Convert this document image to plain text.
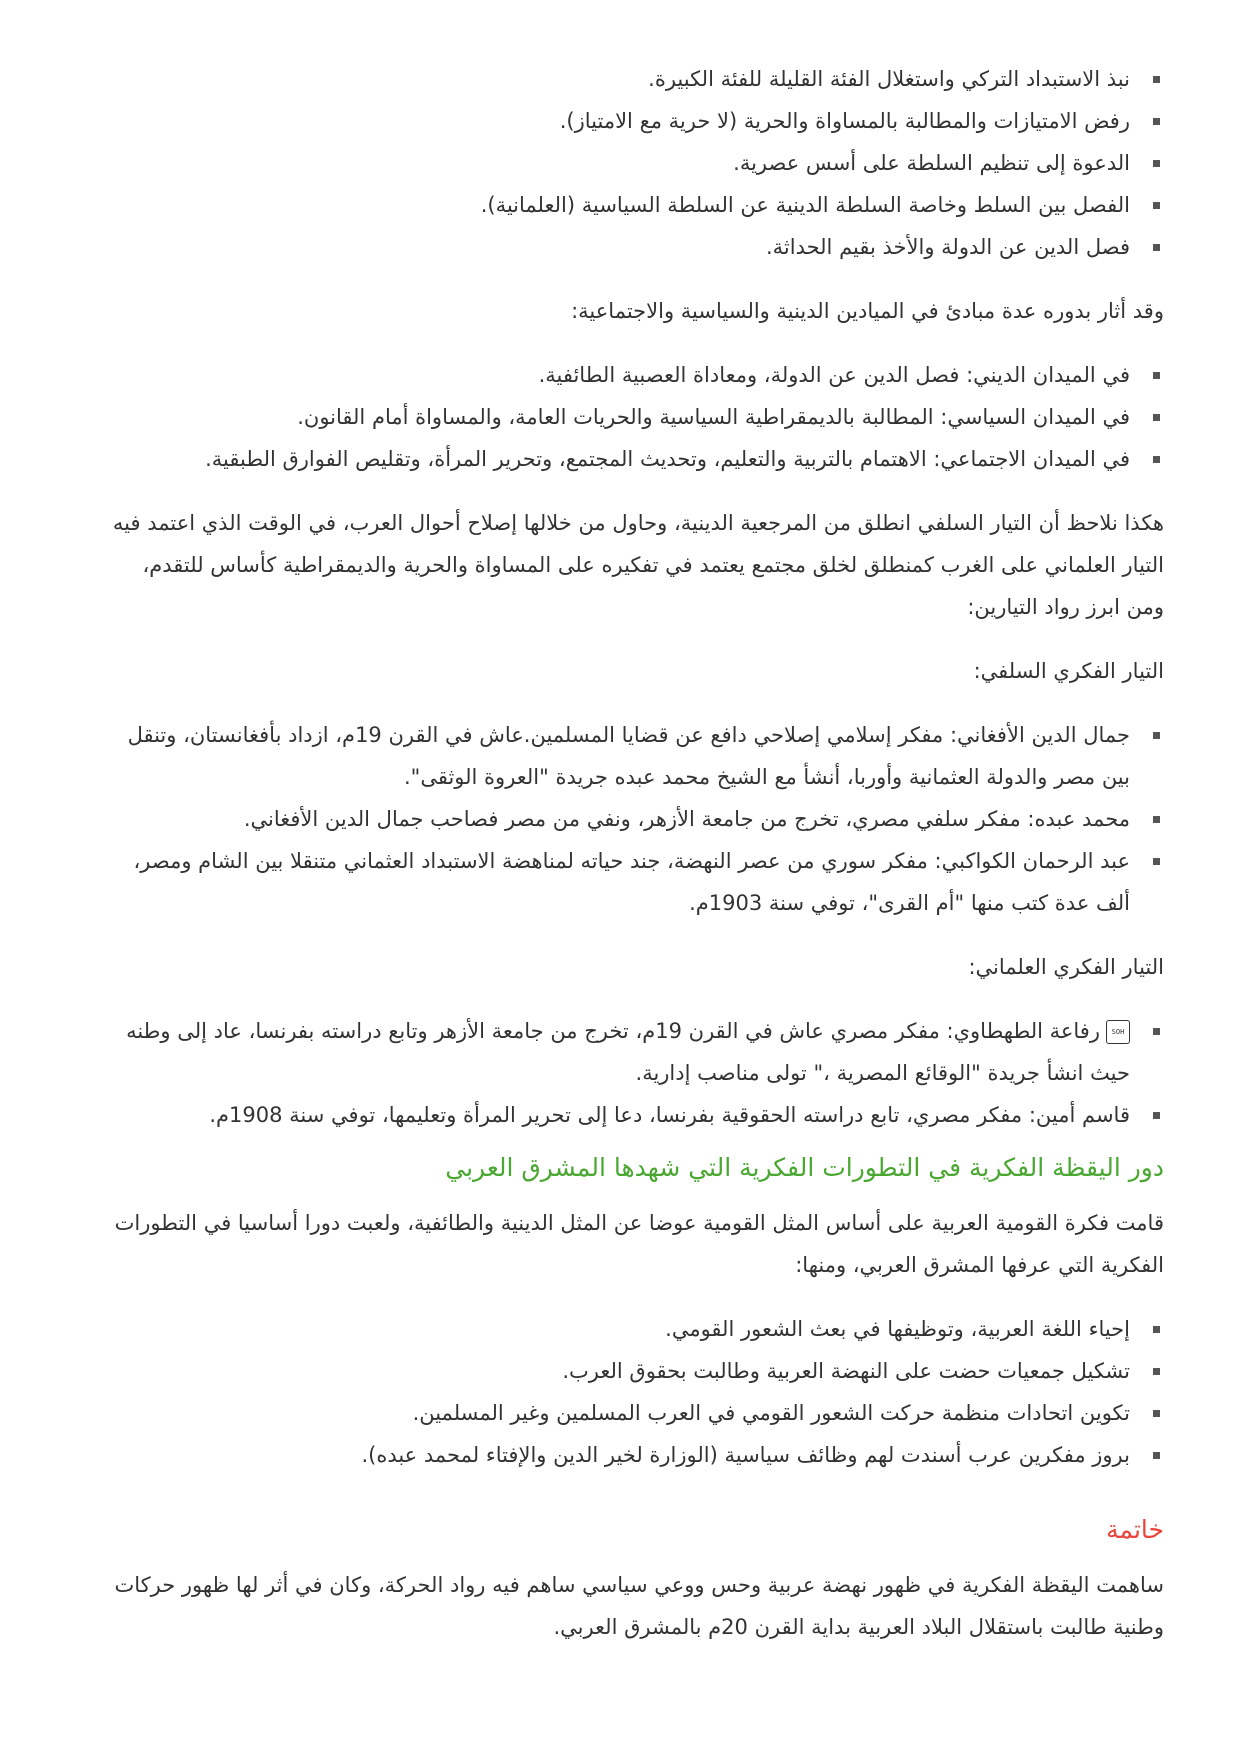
نبذ الاستبداد التركي واستغلال الفئة القليلة للفئة الكبيرة.
رفض الامتيازات والمطالبة بالمساواة والحرية (لا حرية مع الامتياز).
الدعوة إلى تنظيم السلطة على أسس عصرية.
الفصل بين السلط وخاصة السلطة الدينية عن السلطة السياسية (العلمانية).
فصل الدين عن الدولة والأخذ بقيم الحداثة.

وقد أثار بدوره عدة مبادئ في الميادين الدينية والسياسية والاجتماعية:

في الميدان الديني: فصل الدين عن الدولة، ومعاداة العصبية الطائفية.
في الميدان السياسي: المطالبة بالديمقراطية السياسية والحريات العامة، والمساواة أمام القانون.
في الميدان الاجتماعي: الاهتمام بالتربية والتعليم، وتحديث المجتمع، وتحرير المرأة، وتقليص الفوارق الطبقية.

هكذا نلاحظ أن التيار السلفي انطلق من المرجعية الدينية، وحاول من خلالها إصلاح أحوال العرب، في الوقت الذي اعتمد فيه التيار العلماني على الغرب كمنطلق لخلق مجتمع يعتمد في تفكيره على المساواة والحرية والديمقراطية كأساس للتقدم، ومن ابرز رواد التيارين:

التيار الفكري السلفي:

جمال الدين الأفغاني: مفكر إسلامي إصلاحي دافع عن قضايا المسلمين.عاش في القرن 19م، ازداد بأفغانستان، وتنقل بين مصر والدولة العثمانية وأوربا، أنشأ مع الشيخ محمد عبده جريدة "العروة الوثقى".
محمد عبده: مفكر سلفي مصري، تخرج من جامعة الأزهر، ونفي من مصر فصاحب جمال الدين الأفغاني.
عبد الرحمان الكواكبي: مفكر سوري من عصر النهضة، جند حياته لمناهضة الاستبداد العثماني متنقلا بين الشام ومصر، ألف عدة كتب منها "أم القرى"، توفي سنة 1903م.

التيار الفكري العلماني:

SOHرفاعة الطهطاوي: مفكر مصري عاش في القرن 19م، تخرج من جامعة الأزهر وتابع دراسته بفرنسا، عاد إلى وطنه حيث انشأ جريدة "الوقائع المصرية ،" تولى مناصب إدارية.
قاسم أمين: مفكر مصري، تابع دراسته الحقوقية بفرنسا، دعا إلى تحرير المرأة وتعليمها، توفي سنة 1908م.
دور اليقظة الفكرية في التطورات الفكرية التي شهدها المشرق العربي

قامت فكرة القومية العربية على أساس المثل القومية عوضا عن المثل الدينية والطائفية، ولعبت دورا أساسيا في التطورات الفكرية التي عرفها المشرق العربي، ومنها:

إحياء اللغة العربية، وتوظيفها في بعث الشعور القومي.
تشكيل جمعيات حضت على النهضة العربية وطالبت بحقوق العرب.
تكوين اتحادات منظمة حركت الشعور القومي في العرب المسلمين وغير المسلمين.
بروز مفكرين عرب أسندت لهم وظائف سياسية (الوزارة لخير الدين والإفتاء لمحمد عبده).
خاتمة

ساهمت اليقظة الفكرية في ظهور نهضة عربية وحس ووعي سياسي ساهم فيه رواد الحركة، وكان في أثر لها ظهور حركات وطنية طالبت باستقلال البلاد العربية بداية القرن 20م بالمشرق العربي.
